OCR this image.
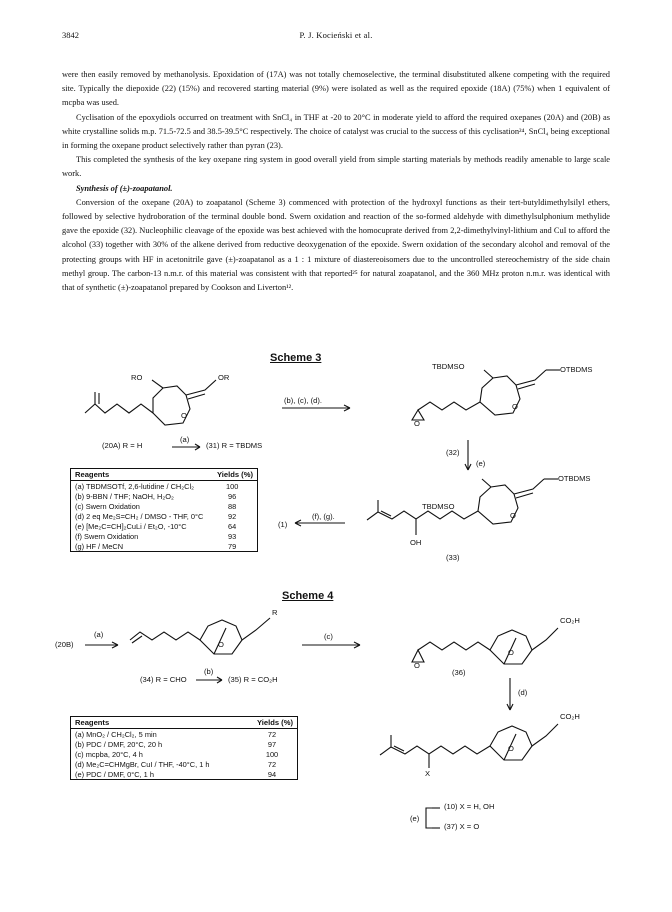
3842	P. J. Kocieński et al.

were then easily removed by methanolysis. Epoxidation of (17A) was not totally chemoselective, the terminal disubstituted alkene competing with the required site. Typically the diepoxide (22) (15%) and recovered starting material (9%) were isolated as well as the required epoxide (18A) (75%) when 1 equivalent of mcpba was used.

Cyclisation of the epoxydiols occurred on treatment with SnCl₄ in THF at -20 to 20°C in moderate yield to afford the required oxepanes (20A) and (20B) as white crystalline solids m.p. 71.5-72.5 and 38.5-39.5°C respectively. The choice of catalyst was crucial to the success of this cyclisation²⁴, SnCl₄ being exceptional in forming the oxepane product selectively rather than pyran (23).

This completed the synthesis of the key oxepane ring system in good overall yield from simple starting materials by methods readily amenable to large scale work.

Synthesis of (±)-zoapatanol.

Conversion of the oxepane (20A) to zoapatanol (Scheme 3) commenced with protection of the hydroxyl functions as their tert-butyldimethylsilyl ethers, followed by selective hydroboration of the terminal double bond. Swern oxidation and reaction of the so-formed aldehyde with dimethylsulphonium methylide gave the epoxide (32). Nucleophilic cleavage of the epoxide was best achieved with the homocuprate derived from 2,2-dimethylvinyl-lithium and CuI to afford the alcohol (33) together with 30% of the alkene derived from reductive deoxygenation of the epoxide. Swern oxidation of the secondary alcohol and removal of the protecting groups with HF in acetonitrile gave (±)-zoapatanol as a 1 : 1 mixture of diastereoisomers due to the uncontrolled stereochemistry of the side chain methyl group. The carbon-13 n.m.r. of this material was consistent with that reported²⁵ for natural zoapatanol, and the 360 MHz proton n.m.r. was identical with that of synthetic (±)-zoapatanol prepared by Cookson and Liverton¹².

Scheme 3
RO	OR
O
(b), (c), (d).
TBDMSO	OTBDMS
O
O
(20A) R = H
(a)
(31) R = TBDMS
(32)
(e)
TBDMSO
OTBDMS
O
OH
(f), (g).
(1)
(33)
Reagents	Yields (%)
(a) TBDMSOTf, 2,6-lutidine / CH₂Cl₂	100
(b) 9-BBN / THF; NaOH, H₂O₂	96
(c) Swern Oxidation	88
(d) 2 eq Me₂S=CH₂ / DMSO - THF, 0°C	92
(e) [Me₂C=CH]₂CuLi / Et₂O, -10°C	64
(f) Swern Oxidation	93
(g) HF / MeCN	79
Scheme 4
(20B)
(a)
R
O
(c)
CO₂H
O
O
(34) R = CHO
(b)
(35) R = CO₂H
(36)
(d)
CO₂H
O
X
(e)
(10) X = H, OH
(37) X = O
Reagents	Yields (%)
(a) MnO₂ / CH₂Cl₂, 5 min	72
(b) PDC / DMF, 20°C, 20 h	97
(c) mcpba, 20°C, 4 h	100
(d) Me₂C=CHMgBr, CuI / THF, -40°C, 1 h	72
(e) PDC / DMF, 0°C, 1 h	94
